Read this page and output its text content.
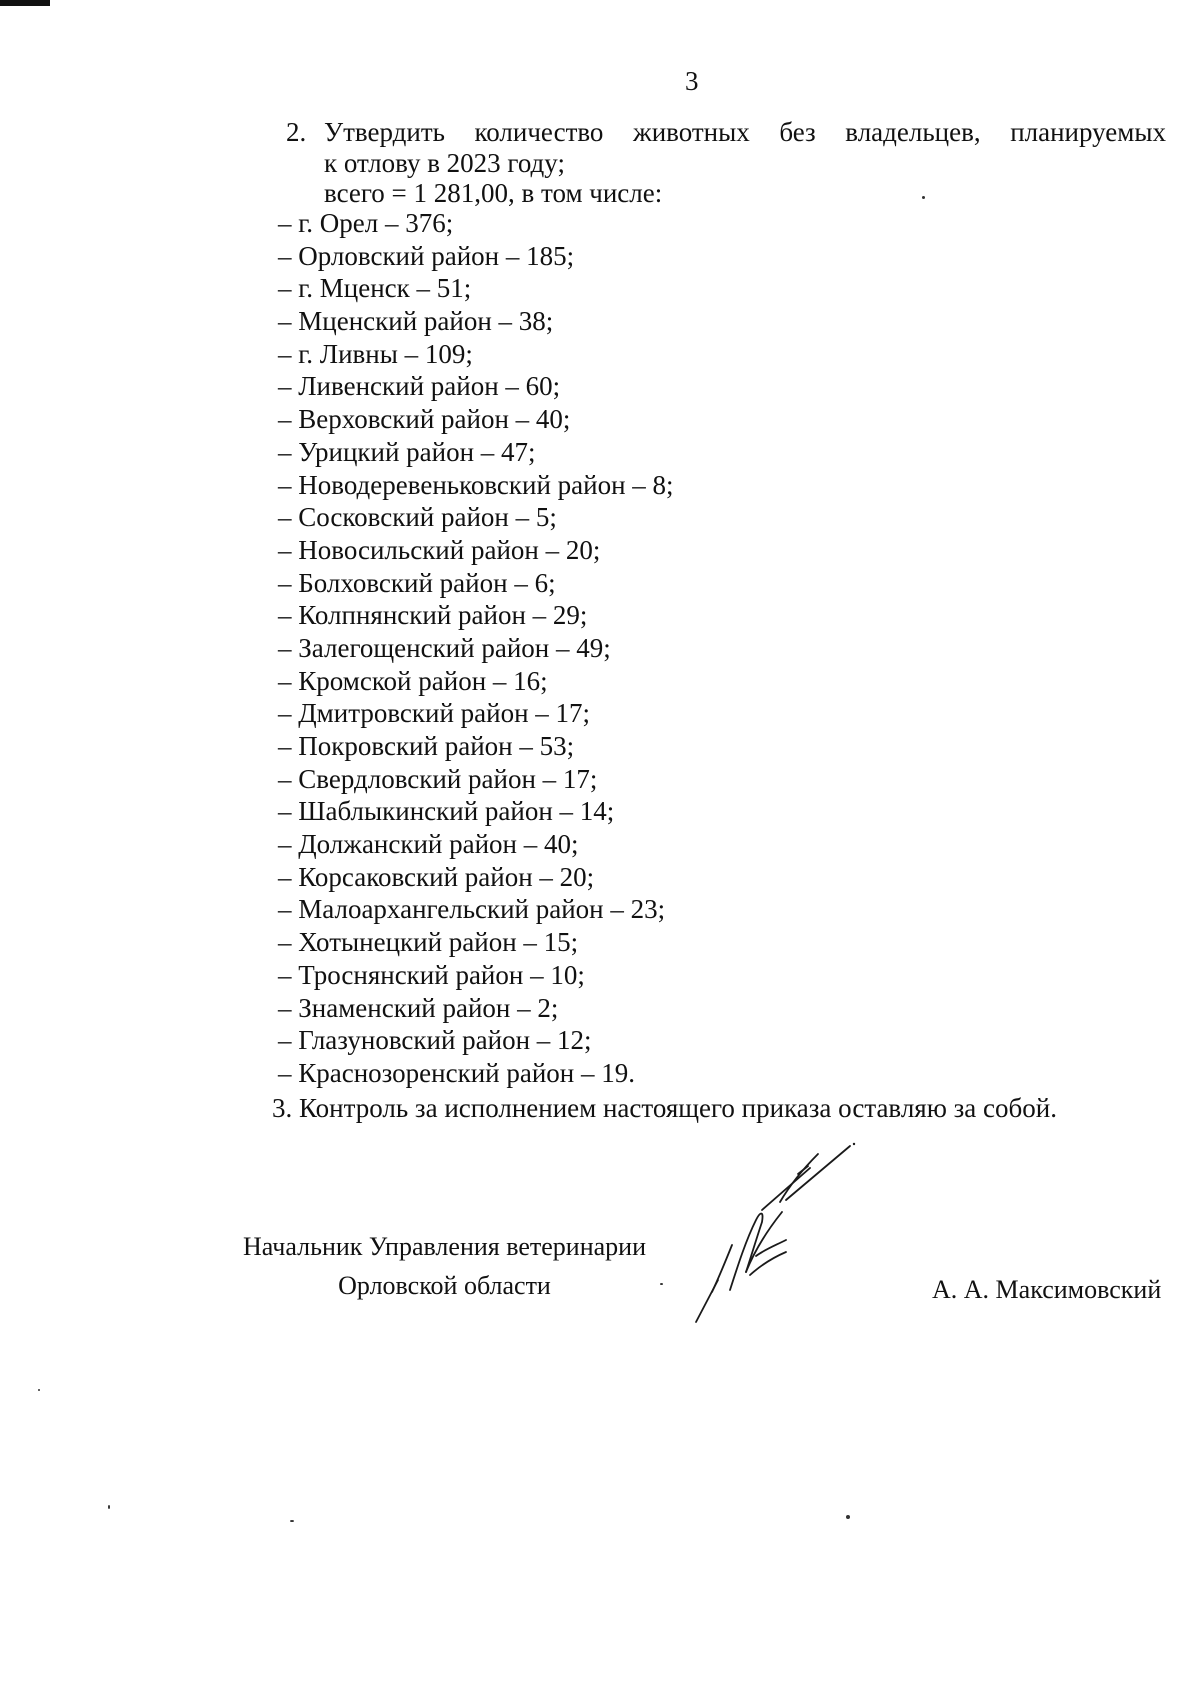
3
2. Утвердить количество животных без владельцев, планируемых
к отлову в 2023 году;
всего = 1 281,00, в том числе:
– г. Орел – 376;
– Орловский район – 185;
– г. Мценск – 51;
– Мценский район – 38;
– г. Ливны – 109;
– Ливенский район – 60;
– Верховский район – 40;
– Урицкий район – 47;
– Новодеревеньковский район – 8;
– Сосковский район – 5;
– Новосильский район – 20;
– Болховский район – 6;
– Колпнянский район – 29;
– Залегощенский район – 49;
– Кромской район – 16;
– Дмитровский район – 17;
– Покровский район – 53;
– Свердловский район – 17;
– Шаблыкинский район – 14;
– Должанский район – 40;
– Корсаковский район – 20;
– Малоархангельский район – 23;
– Хотынецкий район – 15;
– Троснянский район – 10;
– Знаменский район – 2;
– Глазуновский район – 12;
– Краснозоренский район – 19.
3. Контроль за исполнением настоящего приказа оставляю за собой.
Начальник Управления ветеринарии
Орловской области	А. А. Максимовский
